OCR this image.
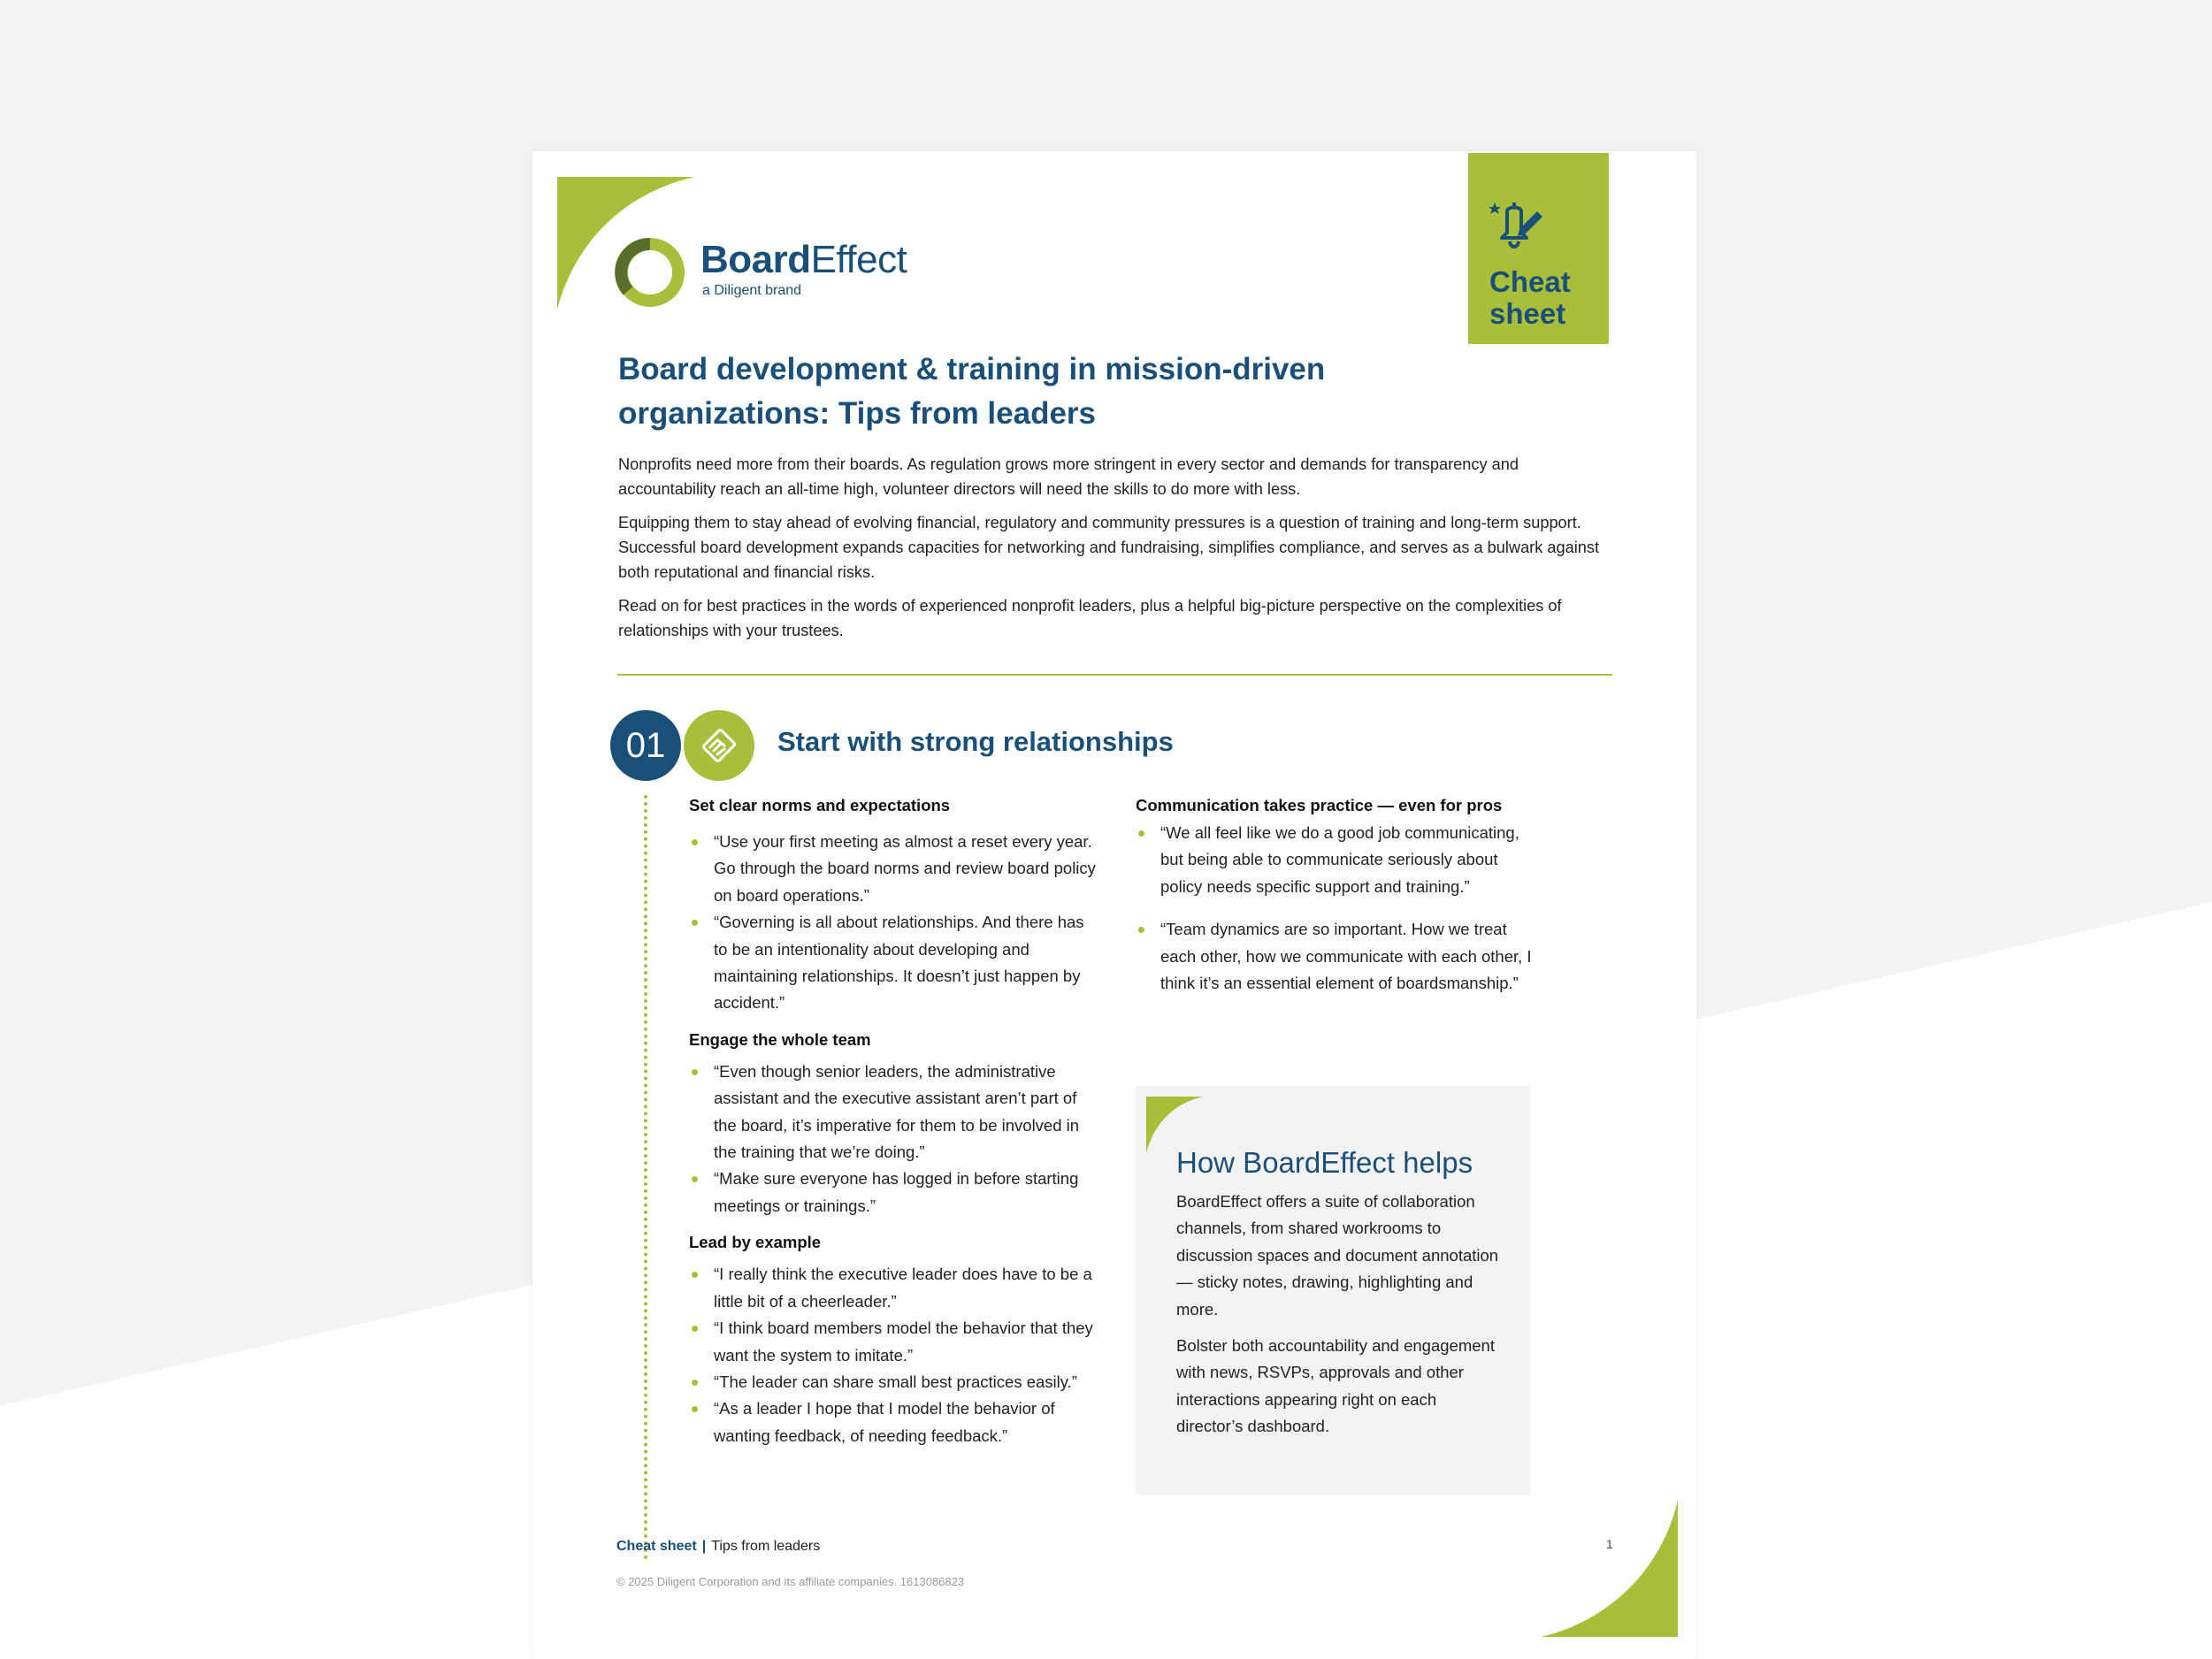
BoardEffect
a Diligent brand	Cheat sheet
Board development & training in mission-driven organizations: Tips from leaders
Nonprofits need more from their boards. As regulation grows more stringent in every sector and demands for transparency and accountability reach an all-time high, volunteer directors will need the skills to do more with less.
Equipping them to stay ahead of evolving financial, regulatory and community pressures is a question of training and long-term support. Successful board development expands capacities for networking and fundraising, simplifies compliance, and serves as a bulwark against both reputational and financial risks.
Read on for best practices in the words of experienced nonprofit leaders, plus a helpful big-picture perspective on the complexities of relationships with your trustees.
01	Start with strong relationships

Set clear norms and expectations

“Use your first meeting as almost a reset every year. Go through the board norms and review board policy on board operations.”
“Governing is all about relationships. And there has to be an intentionality about developing and maintaining relationships. It doesn’t just happen by accident.”

Engage the whole team

“Even though senior leaders, the administrative assistant and the executive assistant aren’t part of the board, it’s imperative for them to be involved in the training that we’re doing.”
“Make sure everyone has logged in before starting meetings or trainings.”

Lead by example

“I really think the executive leader does have to be a little bit of a cheerleader.”
“I think board members model the behavior that they want the system to imitate.”
“The leader can share small best practices easily.”
“As a leader I hope that I model the behavior of wanting feedback, of needing feedback.”

Communication takes practice — even for pros

“We all feel like we do a good job communicating, but being able to communicate seriously about policy needs specific support and training.”
“Team dynamics are so important. How we treat each other, how we communicate with each other, I think it’s an essential element of boardsmanship.”
How BoardEffect helps
BoardEffect offers a suite of collaboration channels, from shared workrooms to discussion spaces and document annotation — sticky notes, drawing, highlighting and more.
Bolster both accountability and engagement with news, RSVPs, approvals and other interactions appearing right on each director’s dashboard.
Cheat sheet | Tips from leaders	1
© 2025 Diligent Corporation and its affiliate companies. 1613086823
